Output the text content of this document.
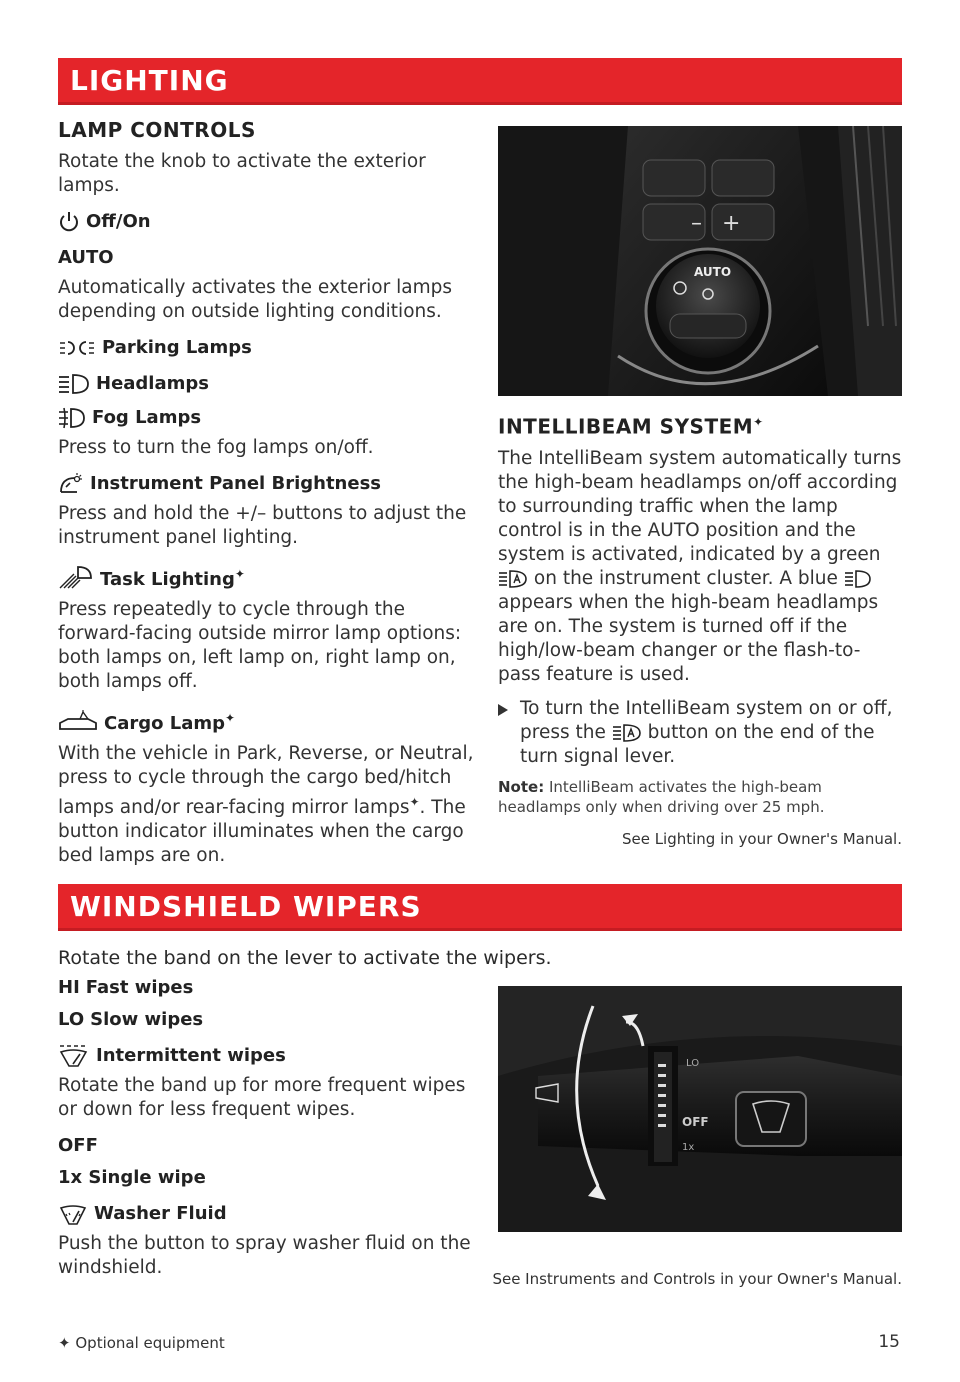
LIGHTING
LAMP CONTROLS
Rotate the knob to activate the exterior lamps.
Off/On
AUTO
Automatically activates the exterior lamps depending on outside lighting conditions.
Parking Lamps
Headlamps
Fog Lamps
Press to turn the fog lamps on/off.
Instrument Panel Brightness
Press and hold the +/– buttons to adjust the instrument panel lighting.
Task Lighting✦
Press repeatedly to cycle through the forward-facing outside mirror lamp options: both lamps on, left lamp on, right lamp on, both lamps off.
Cargo Lamp✦
With the vehicle in Park, Reverse, or Neutral, press to cycle through the cargo bed/hitch lamps and/or rear-facing mirror lamps✦. The button indicator illuminates when the cargo bed lamps are on.
– +
AUTO
INTELLIBEAM SYSTEM✦
The IntelliBeam system automatically turns the high-beam headlamps on/off according to surrounding traffic when the lamp control is in the AUTO position and the system is activated, indicated by a green  on the instrument cluster. A blue  appears when the high-beam headlamps are on. The system is turned off if the high/low-beam changer or the flash-to-pass feature is used.
To turn the IntelliBeam system on or off, press the button on the end of the turn signal lever.
Note: IntelliBeam activates the high-beam headlamps only when driving over 25 mph.
See Lighting in your Owner's Manual.
WINDSHIELD WIPERS
Rotate the band on the lever to activate the wipers.
HI Fast wipes
LO Slow wipes
Intermittent wipes
Rotate the band up for more frequent wipes or down for less frequent wipes.
OFF
1x Single wipe
Washer Fluid
Push the button to spray washer fluid on the windshield.
OFF
1x
LO
See Instruments and Controls in your Owner's Manual.
✦ Optional equipment	15
